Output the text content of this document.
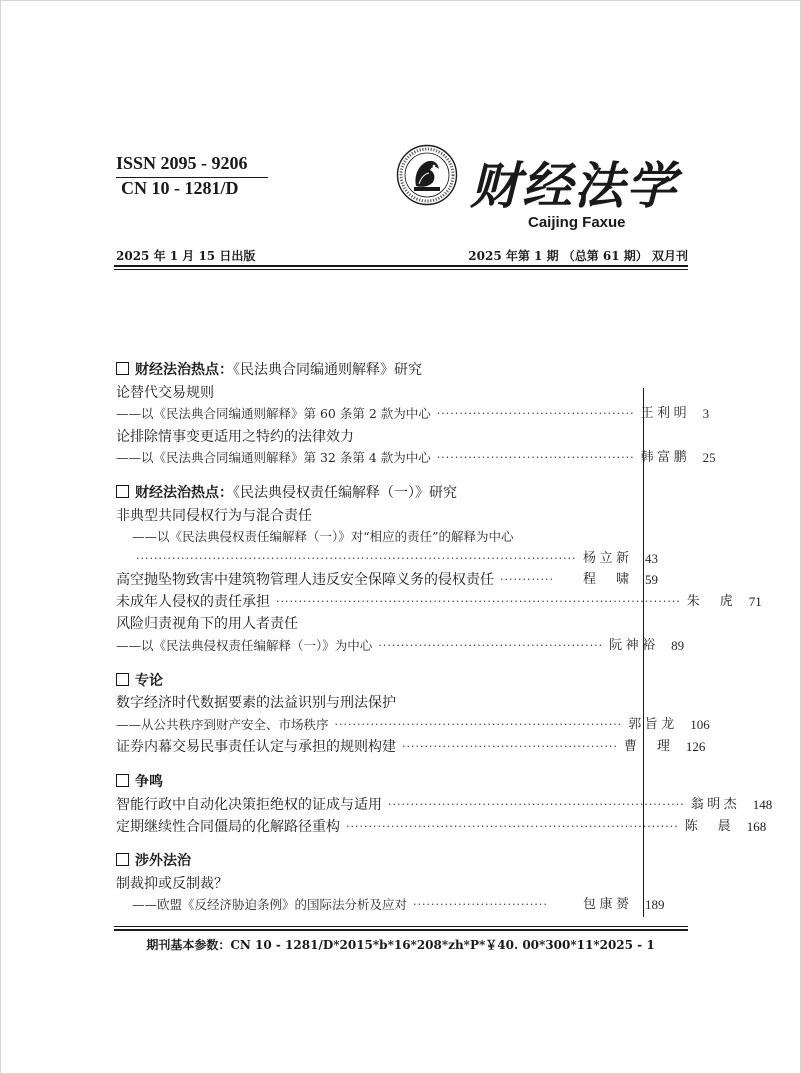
ISSN 2095 - 9206
CN 10 - 1281/D	财经法学
Caijing Faxue
2025 年 1 月 15 日出版	2025 年第 1 期 （总第 61 期） 双月刊
财经法治热点：《民法典合同编通则解释》研究
论替代交易规则
——以《民法典合同编通则解释》第 60 条第 2 款为中心 ············································ 王利明	3
论排除情事变更适用之特约的法律效力
——以《民法典合同编通则解释》第 32 条第 4 款为中心 ············································ 韩富鹏	25
财经法治热点：《民法典侵权责任编解释（一）》研究
非典型共同侵权行为与混合责任
——以《民法典侵权责任编解释（一）》对“相应的责任”的解释为中心
·································································································· 杨立新	43
高空抛坠物致害中建筑物管理人违反安全保障义务的侵权责任 ············	程啸	59
未成年人侵权的责任承担 ·························································································· 朱虎	71
风险归责视角下的用人者责任
——以《民法典侵权责任编解释（一）》为中心 ·················································· 阮神裕	89
专论
数字经济时代数据要素的法益识别与刑法保护
——从公共秩序到财产安全、市场秩序 ································································ 郭旨龙	106
证券内幕交易民事责任认定与承担的规则构建 ················································ 曹理	126
争鸣
智能行政中自动化决策拒绝权的证成与适用 ·································································· 翁明杰	148
定期继续性合同僵局的化解路径重构 ·········································································· 陈晨	168
涉外法治
制裁抑或反制裁？
——欧盟《反经济胁迫条例》的国际法分析及应对 ······························	包康赟	189
期刊基本参数：CN 10 - 1281/D*2015*b*16*208*zh*P*￥40. 00*300*11*2025 - 1
